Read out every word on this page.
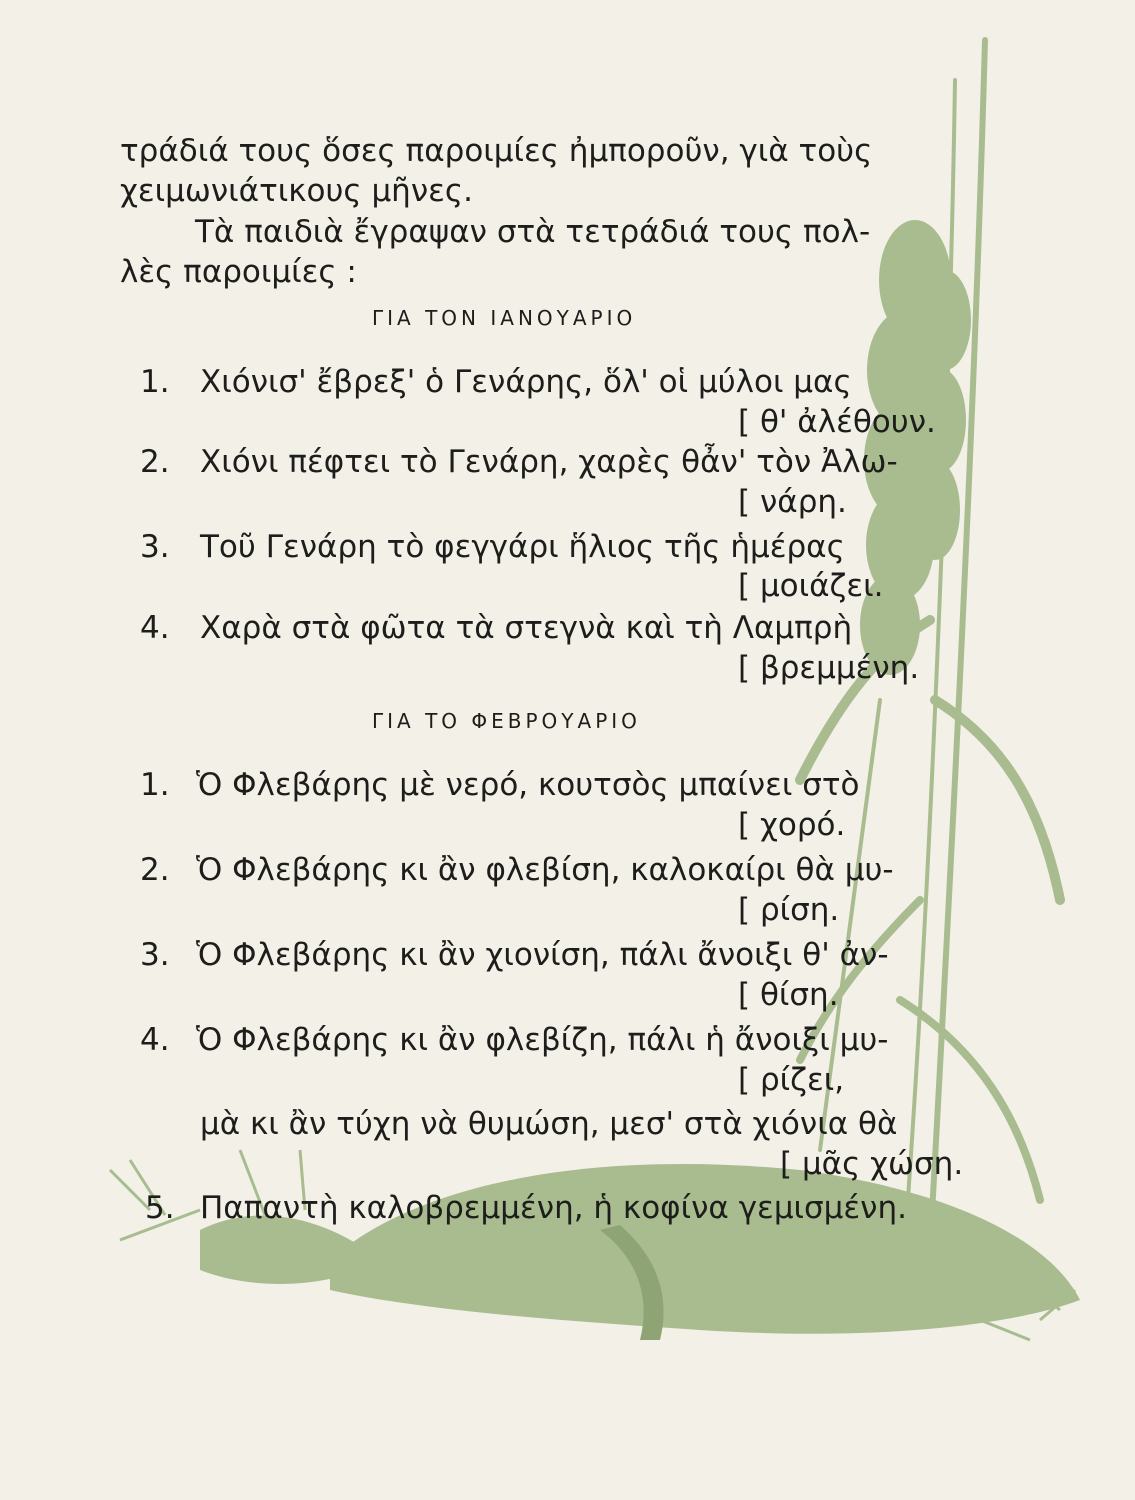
τράδιά τους ὅσες παροιμίες ἠμποροῦν, γιὰ τοὺς
χειμωνιάτικους μῆνες.
Τὰ παιδιὰ ἔγραψαν στὰ τετράδιά τους πολ-
λὲς παροιμίες :
ΓΙΑ ΤΟΝ ΙΑΝΟΥΑΡΙΟ
1. Χιόνισ' ἔβρεξ' ὁ Γενάρης, ὅλ' οἱ μύλοι μας
[ θ' ἀλέθουν.
2. Χιόνι πέφτει τὸ Γενάρη, χαρὲς θἆν' τὸν Ἀλω-
[ νάρη.
3. Τοῦ Γενάρη τὸ φεγγάρι ἥλιος τῆς ἡμέρας
[ μοιάζει.
4. Χαρὰ στὰ φῶτα τὰ στεγνὰ καὶ τὴ Λαμπρὴ
[ βρεμμένη.
ΓΙΑ ΤΟ ΦΕΒΡΟΥΑΡΙΟ
1. Ὁ Φλεβάρης μὲ νερό, κουτσὸς μπαίνει στὸ
[ χορό.
2. Ὁ Φλεβάρης κι ἂν φλεβίση, καλοκαίρι θὰ μυ-
[ ρίση.
3. Ὁ Φλεβάρης κι ἂν χιονίση, πάλι ἄνοιξι θ' ἀν-
[ θίση.
4. Ὁ Φλεβάρης κι ἂν φλεβίζη, πάλι ἡ ἄνοιξι μυ-
[ ρίζει,
μὰ κι ἂν τύχη νὰ θυμώση, μεσ' στὰ χιόνια θὰ
[ μᾶς χώση.
5. Παπαντὴ καλοβρεμμένη, ἡ κοφίνα γεμισμένη.
